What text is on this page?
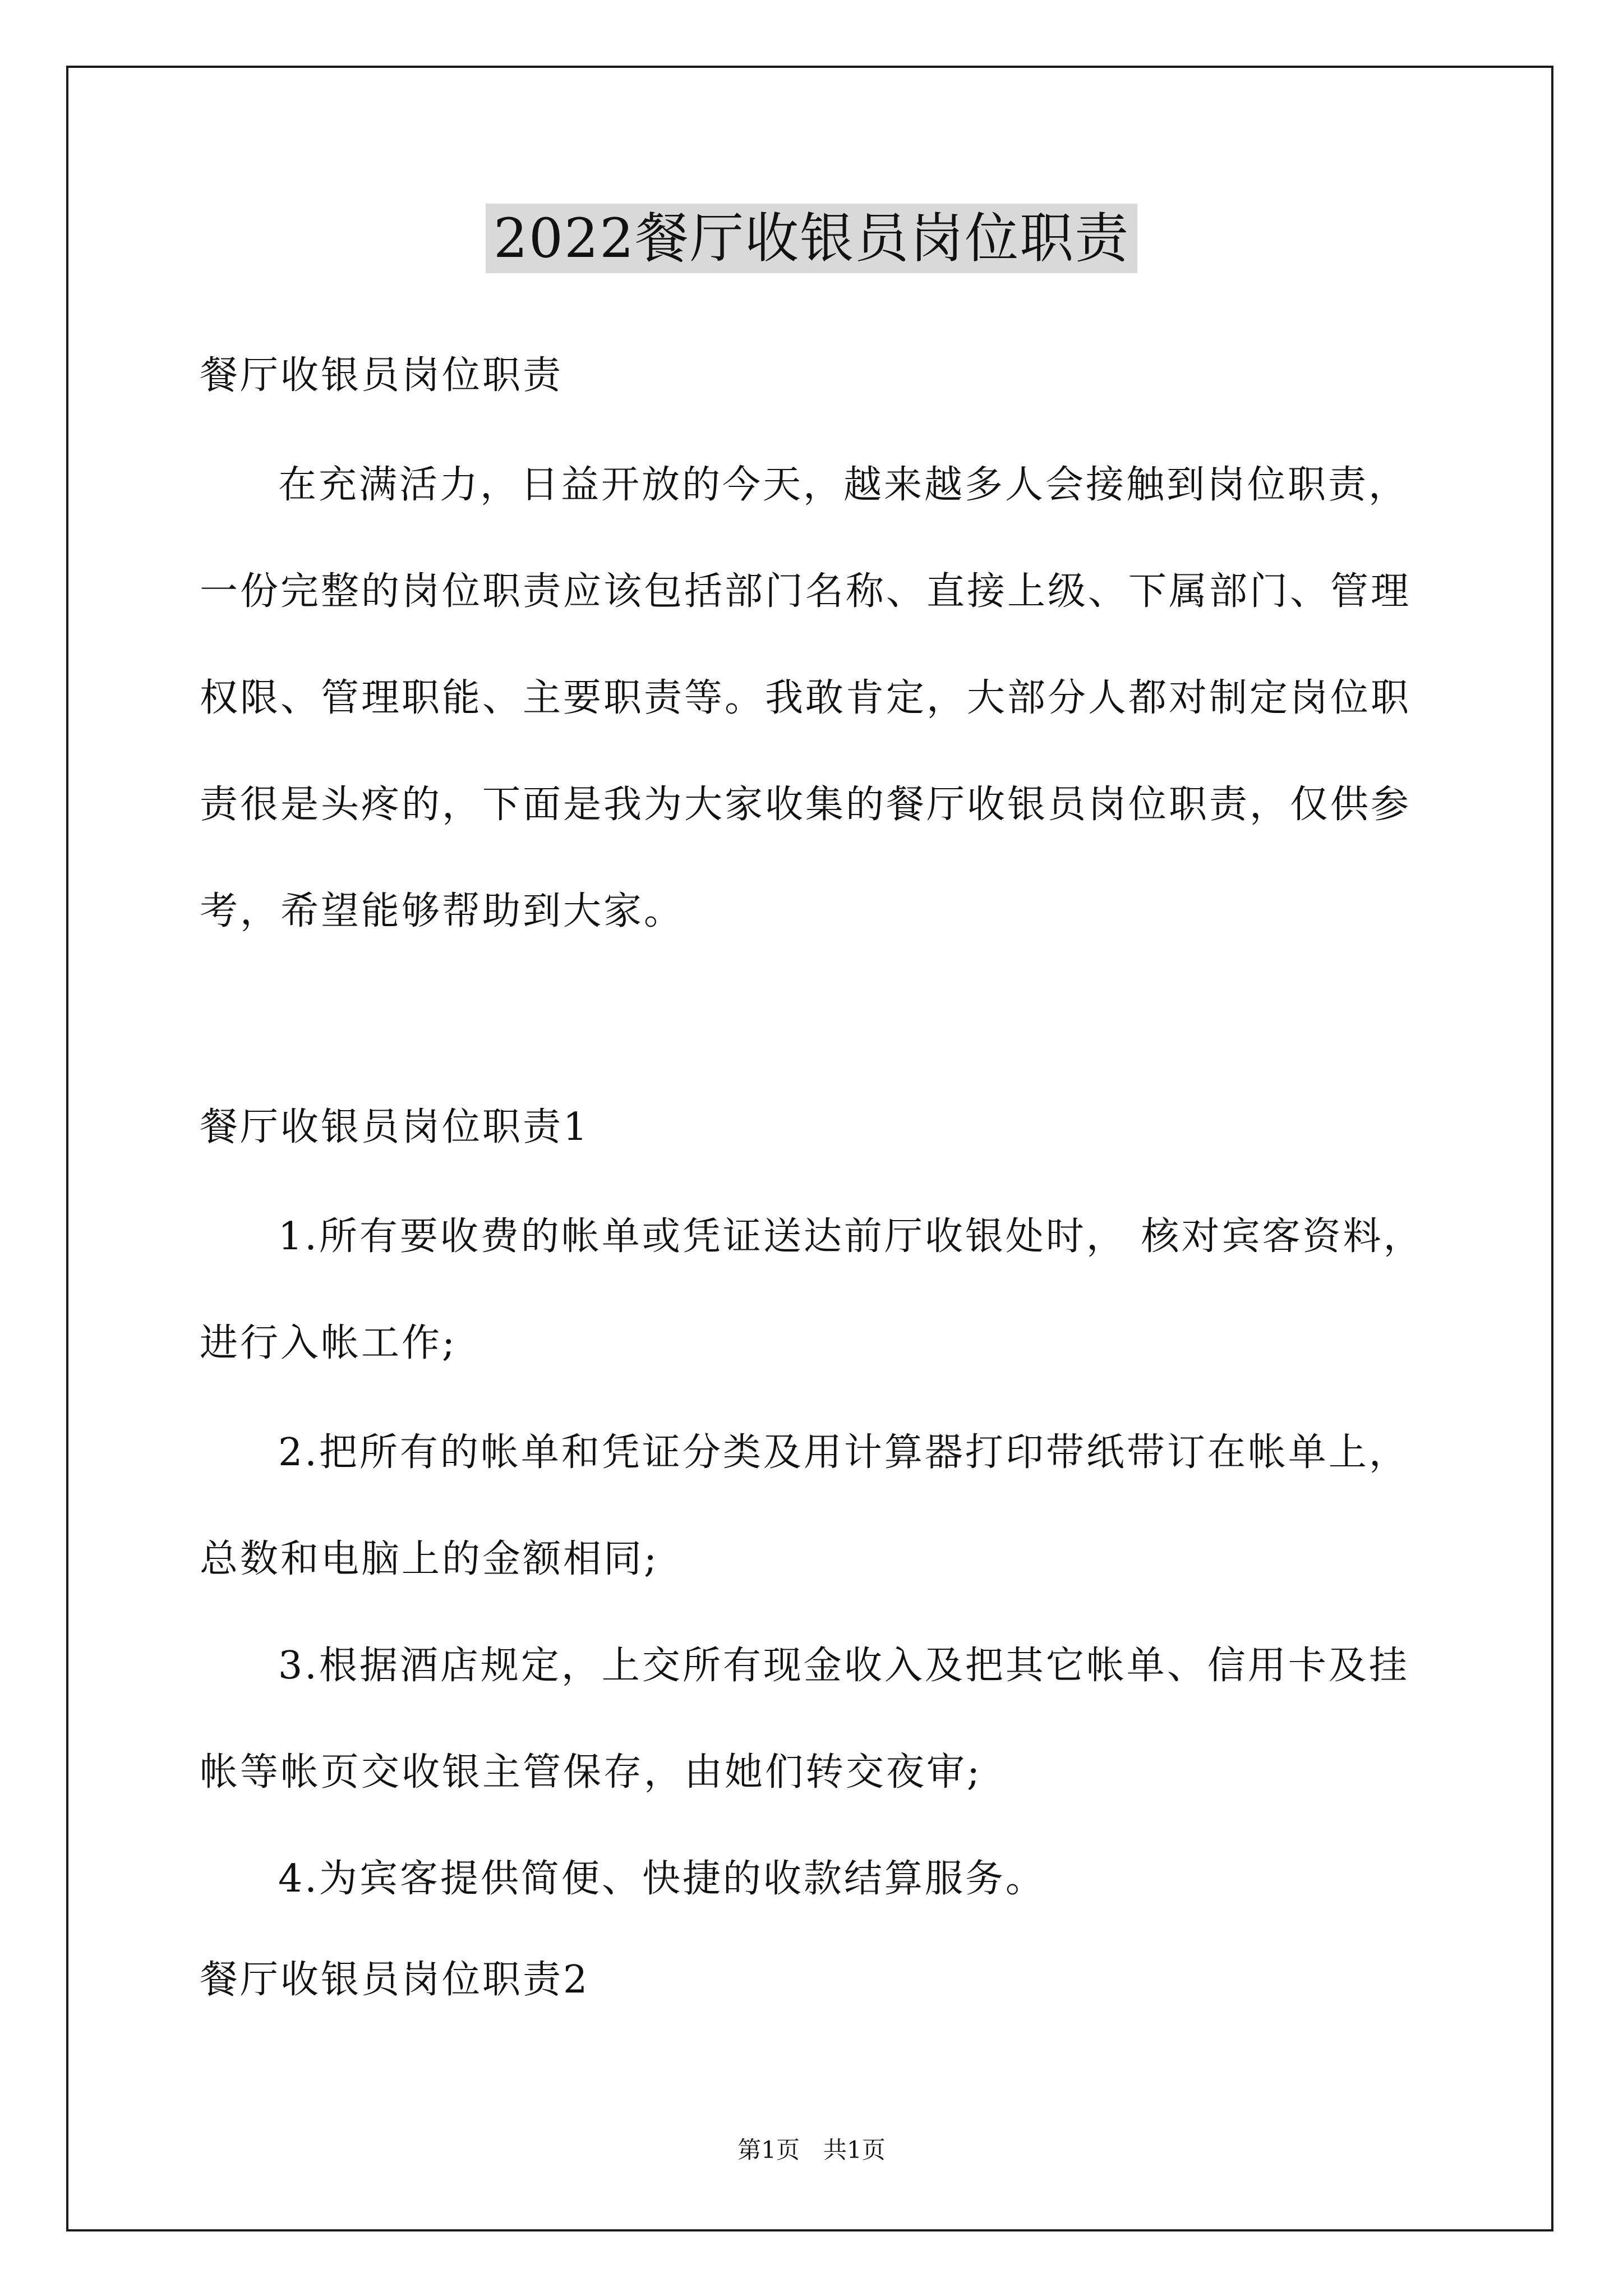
2022餐厅收银员岗位职责
餐厅收银员岗位职责
在充满活力，日益开放的今天，越来越多人会接触到岗位职责，
一份完整的岗位职责应该包括部门名称、直接上级、下属部门、管理
权限、管理职能、主要职责等。我敢肯定，大部分人都对制定岗位职
责很是头疼的，下面是我为大家收集的餐厅收银员岗位职责，仅供参
考，希望能够帮助到大家。
餐厅收银员岗位职责1
1.所有要收费的帐单或凭证送达前厅收银处时， 核对宾客资料，
进行入帐工作;
2.把所有的帐单和凭证分类及用计算器打印带纸带订在帐单上，
总数和电脑上的金额相同;
3.根据酒店规定，上交所有现金收入及把其它帐单、信用卡及挂
帐等帐页交收银主管保存，由她们转交夜审;
4.为宾客提供简便、快捷的收款结算服务。
餐厅收银员岗位职责2
第1页　共1页
